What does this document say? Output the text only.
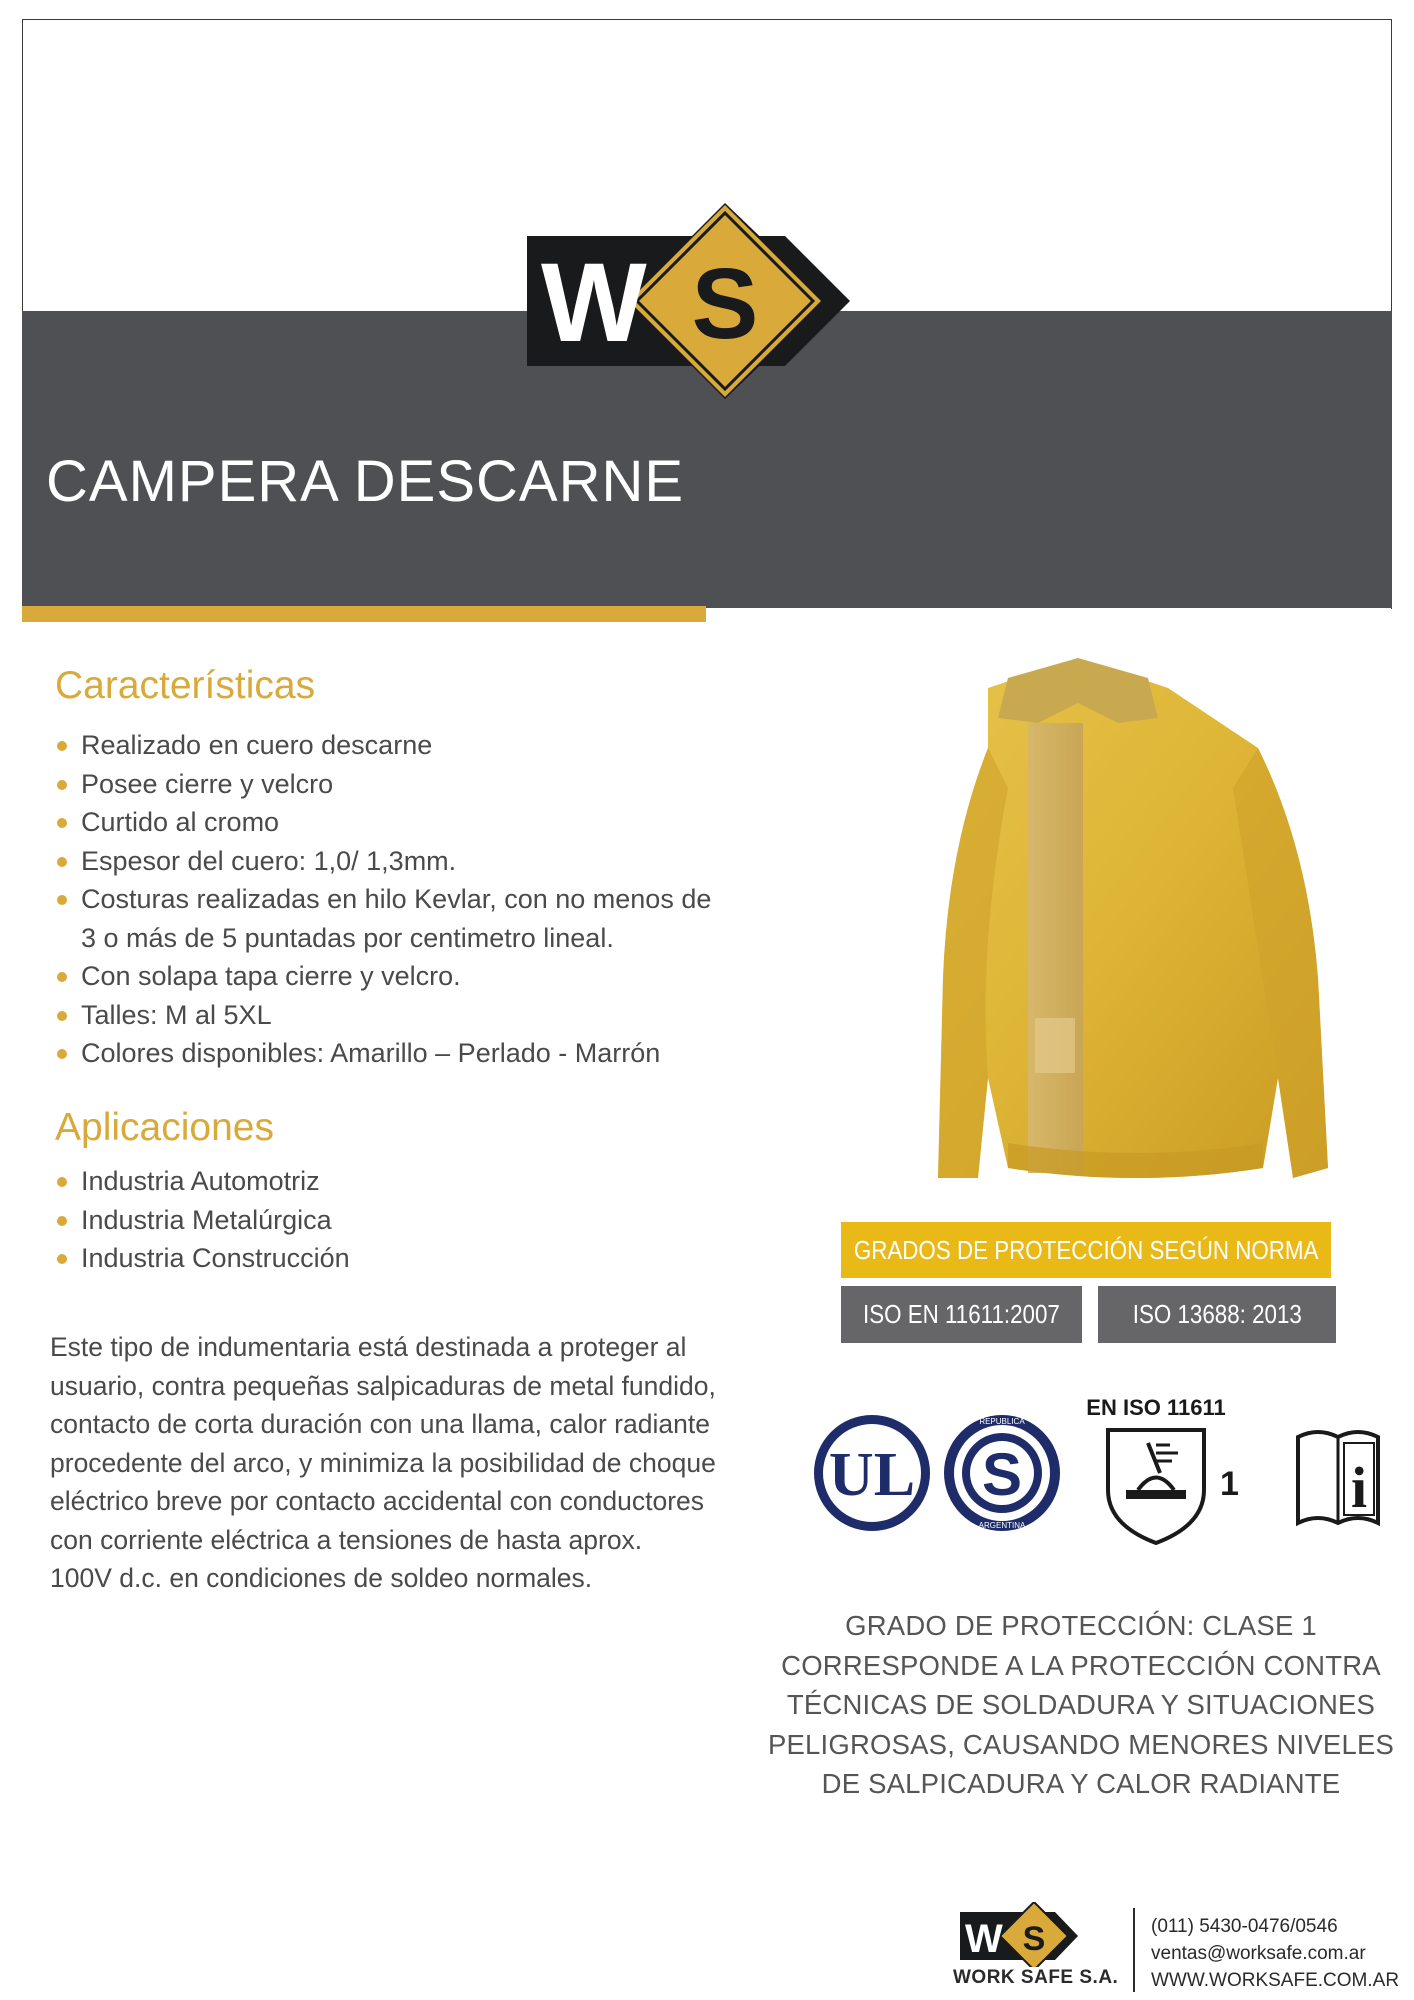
W S
CAMPERA DESCARNE
Características
Realizado en cuero descarne
Posee cierre y velcro
Curtido al cromo
Espesor del cuero: 1,0/ 1,3mm.
Costuras realizadas en hilo Kevlar, con no menos de
3 o más de 5 puntadas por centimetro lineal.
Con solapa tapa cierre y velcro.
Talles: M al 5XL
Colores disponibles: Amarillo – Perlado - Marrón
Aplicaciones
Industria Automotriz
Industria Metalúrgica
Industria Construcción
Este tipo de indumentaria está destinada a proteger al
usuario, contra pequeñas salpicaduras de metal fundido,
contacto de corta duración con una llama, calor radiante
procedente del arco, y minimiza la posibilidad de choque
eléctrico breve por contacto accidental con conductores
con corriente eléctrica a tensiones de hasta aprox.
100V d.c. en condiciones de soldeo normales.
GRADOS DE PROTECCIÓN SEGÚN NORMA
ISO EN 11611:2007	ISO 13688: 2013
UL S
REPUBLICA
ARGENTINA
EN ISO 11611
1 i
GRADO DE PROTECCIÓN: CLASE 1
CORRESPONDE A LA PROTECCIÓN CONTRA
TÉCNICAS DE SOLDADURA Y SITUACIONES
PELIGROSAS, CAUSANDO MENORES NIVELES
DE SALPICADURA Y CALOR RADIANTE
W S
WORK SAFE S.A.
(011) 5430-0476/0546
ventas@worksafe.com.ar
WWW.WORKSAFE.COM.AR
